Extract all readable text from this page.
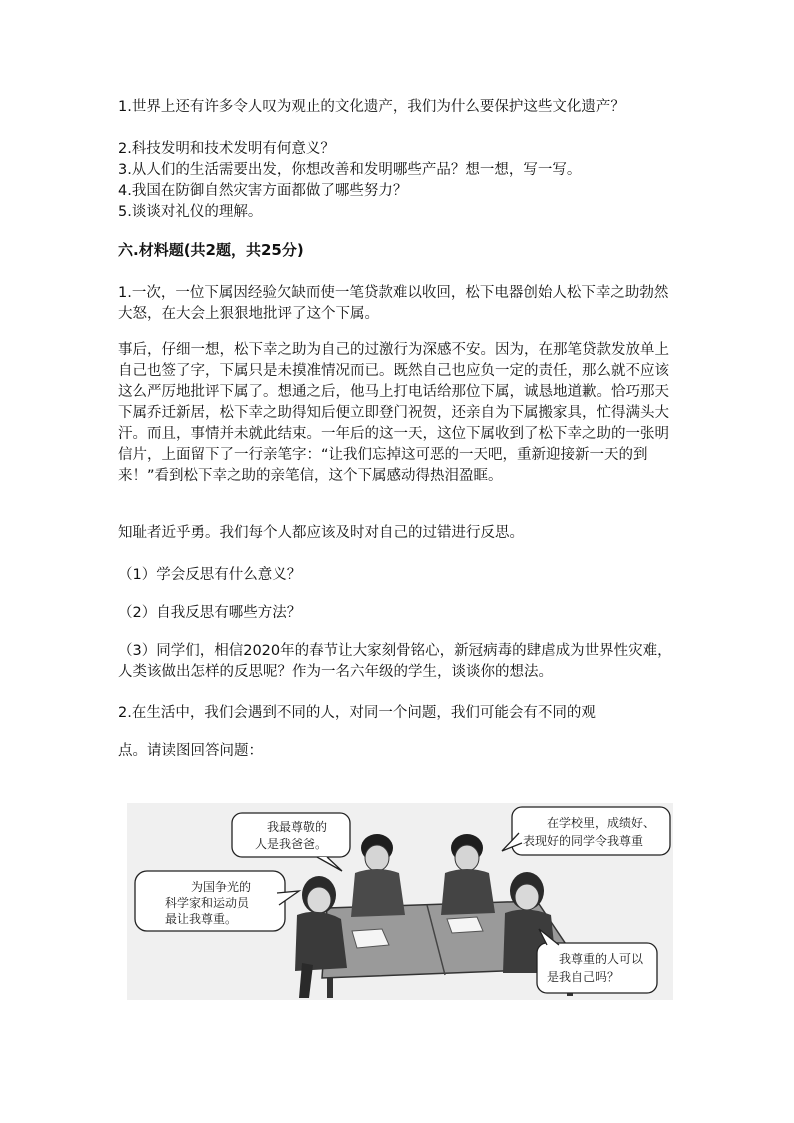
1.世界上还有许多令人叹为观止的文化遗产，我们为什么要保护这些文化遗产？

2.科技发明和技术发明有何意义？

3.从人们的生活需要出发，你想改善和发明哪些产品？想一想，写一写。

4.我国在防御自然灾害方面都做了哪些努力？

5.谈谈对礼仪的理解。

六.材料题(共2题，共25分)

1.一次，一位下属因经验欠缺而使一笔贷款难以收回，松下电器创始人松下幸之助勃然大怒，在大会上狠狠地批评了这个下属。

事后，仔细一想，松下幸之助为自己的过激行为深感不安。因为，在那笔贷款发放单上自己也签了字，下属只是未摸准情况而已。既然自己也应负一定的责任，那么就不应该这么严厉地批评下属了。想通之后，他马上打电话给那位下属，诚恳地道歉。恰巧那天下属乔迁新居，松下幸之助得知后便立即登门祝贺，还亲自为下属搬家具，忙得满头大汗。而且，事情并未就此结束。一年后的这一天，这位下属收到了松下幸之助的一张明信片，上面留下了一行亲笔字：“让我们忘掉这可恶的一天吧，重新迎接新一天的到来！”看到松下幸之助的亲笔信，这个下属感动得热泪盈眶。

知耻者近乎勇。我们每个人都应该及时对自己的过错进行反思。

（1）学会反思有什么意义？

（2）自我反思有哪些方法？

（3）同学们，相信2020年的春节让大家刻骨铭心，新冠病毒的肆虐成为世界性灾难，人类该做出怎样的反思呢？作为一名六年级的学生，谈谈你的想法。

2.在生活中，我们会遇到不同的人，对同一个问题，我们可能会有不同的观

点。请读图回答问题：

我最尊敬的
人是我爸爸。
为国争光的
科学家和运动员
最让我尊重。
在学校里，成绩好、
表现好的同学令我尊重
我尊重的人可以
是我自己吗？
